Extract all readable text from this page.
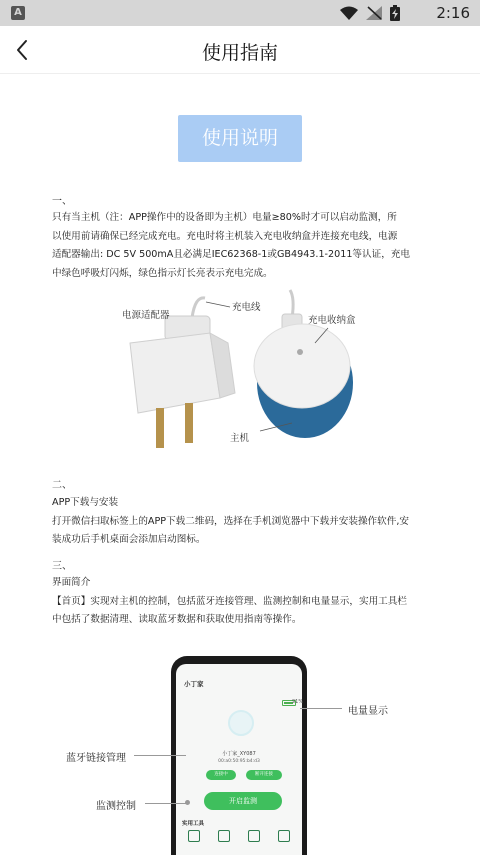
A	2:16
使用指南
使用说明
一、
只有当主机（注：APP操作中的设备即为主机）电量≥80%时才可以启动监测，所
以使用前请确保已经完成充电。充电时将主机装入充电收纳盒并连接充电线，电源
适配器输出: DC 5V 500mA且必满足IEC62368-1或GB4943.1-2011等认证，充电
中绿色呼吸灯闪烁，绿色指示灯长亮表示充电完成。
电源适配器
充电线
充电收纳盒
主机
二、
APP下载与安装
打开微信扫取标签上的APP下载二维码，选择在手机浏览器中下载并安装操作软件,安
装成功后手机桌面会添加启动图标。
三、
界面简介
【首页】实现对主机的控制，包括蓝牙连接管理、监测控制和电量显示，实用工具栏
中包括了数据清理、读取蓝牙数据和获取使用指南等操作。
小丁家
91%
小丁家_XY087
00:a0:50:95:b4:d3
连接中	断开连接
开启监测
实用工具
电量显示
蓝牙链接管理
监测控制
